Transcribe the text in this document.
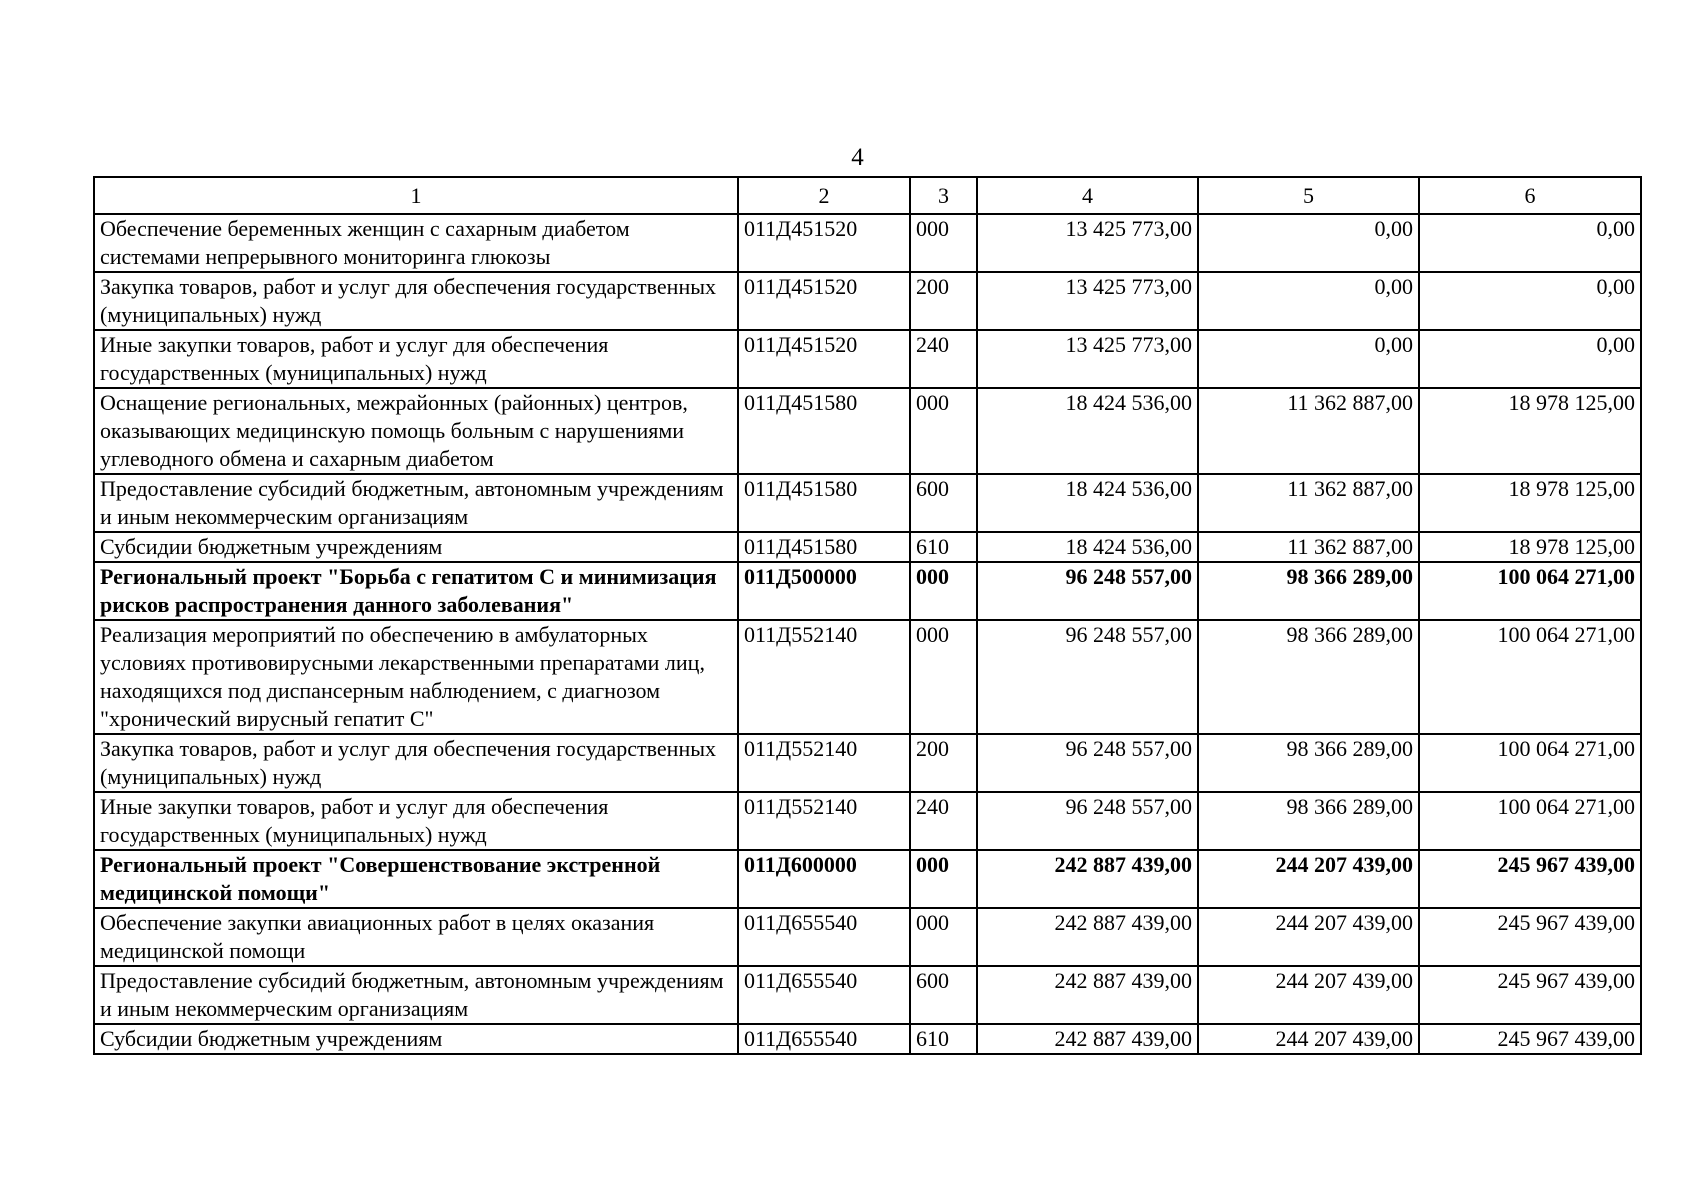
4
1	2	3	4	5	6
Обеспечение беременных женщин с сахарным диабетом системами непрерывного мониторинга глюкозы	011Д451520	000	13 425 773,00	0,00	0,00
Закупка товаров, работ и услуг для обеспечения государственных (муниципальных) нужд	011Д451520	200	13 425 773,00	0,00	0,00
Иные закупки товаров, работ и услуг для обеспечения государственных (муниципальных) нужд	011Д451520	240	13 425 773,00	0,00	0,00
Оснащение региональных, межрайонных (районных) центров, оказывающих медицинскую помощь больным с нарушениями углеводного обмена и сахарным диабетом	011Д451580	000	18 424 536,00	11 362 887,00	18 978 125,00
Предоставление субсидий бюджетным, автономным учреждениям и иным некоммерческим организациям	011Д451580	600	18 424 536,00	11 362 887,00	18 978 125,00
Субсидии бюджетным учреждениям	011Д451580	610	18 424 536,00	11 362 887,00	18 978 125,00
Региональный проект "Борьба с гепатитом С и минимизация рисков распространения данного заболевания"	011Д500000	000	96 248 557,00	98 366 289,00	100 064 271,00
Реализация мероприятий по обеспечению в амбулаторных условиях противовирусными лекарственными препаратами лиц, находящихся под диспансерным наблюдением, с диагнозом "хронический вирусный гепатит С"	011Д552140	000	96 248 557,00	98 366 289,00	100 064 271,00
Закупка товаров, работ и услуг для обеспечения государственных (муниципальных) нужд	011Д552140	200	96 248 557,00	98 366 289,00	100 064 271,00
Иные закупки товаров, работ и услуг для обеспечения государственных (муниципальных) нужд	011Д552140	240	96 248 557,00	98 366 289,00	100 064 271,00
Региональный проект "Совершенствование экстренной медицинской помощи"	011Д600000	000	242 887 439,00	244 207 439,00	245 967 439,00
Обеспечение закупки авиационных работ в целях оказания медицинской помощи	011Д655540	000	242 887 439,00	244 207 439,00	245 967 439,00
Предоставление субсидий бюджетным, автономным учреждениям и иным некоммерческим организациям	011Д655540	600	242 887 439,00	244 207 439,00	245 967 439,00
Субсидии бюджетным учреждениям	011Д655540	610	242 887 439,00	244 207 439,00	245 967 439,00
